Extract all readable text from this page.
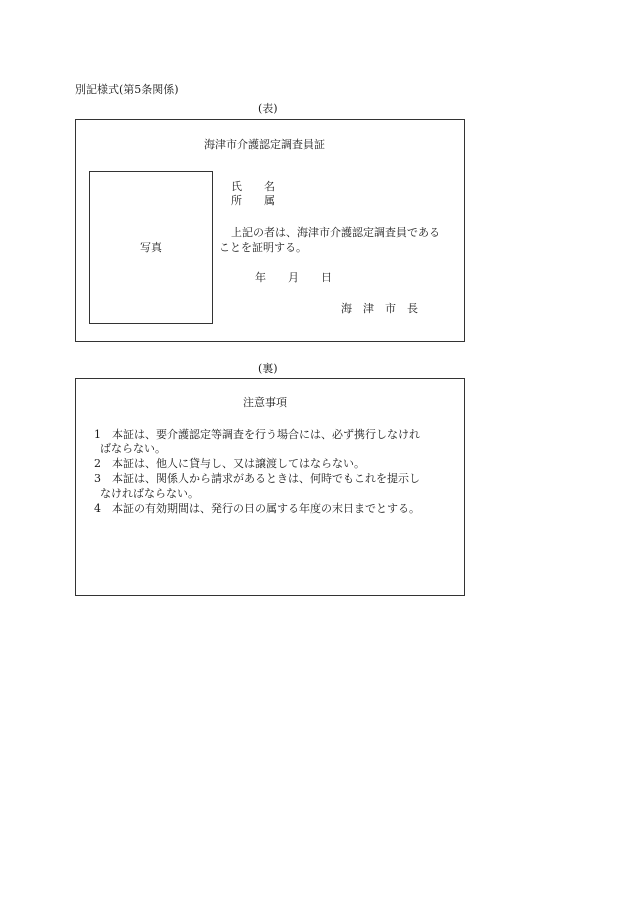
別記様式(第5条関係)
(表)
海津市介護認定調査員証
写真
氏　　名
所　　属
上記の者は、海津市介護認定調査員である
ことを証明する。
年　　月　　日
海　津　市　長
(裏)
注意事項
1　本証は、要介護認定等調査を行う場合には、必ず携行しなけれ
ばならない。
2　本証は、他人に貸与し、又は譲渡してはならない。
3　本証は、関係人から請求があるときは、何時でもこれを提示し
なければならない。
4　本証の有効期間は、発行の日の属する年度の末日までとする。
